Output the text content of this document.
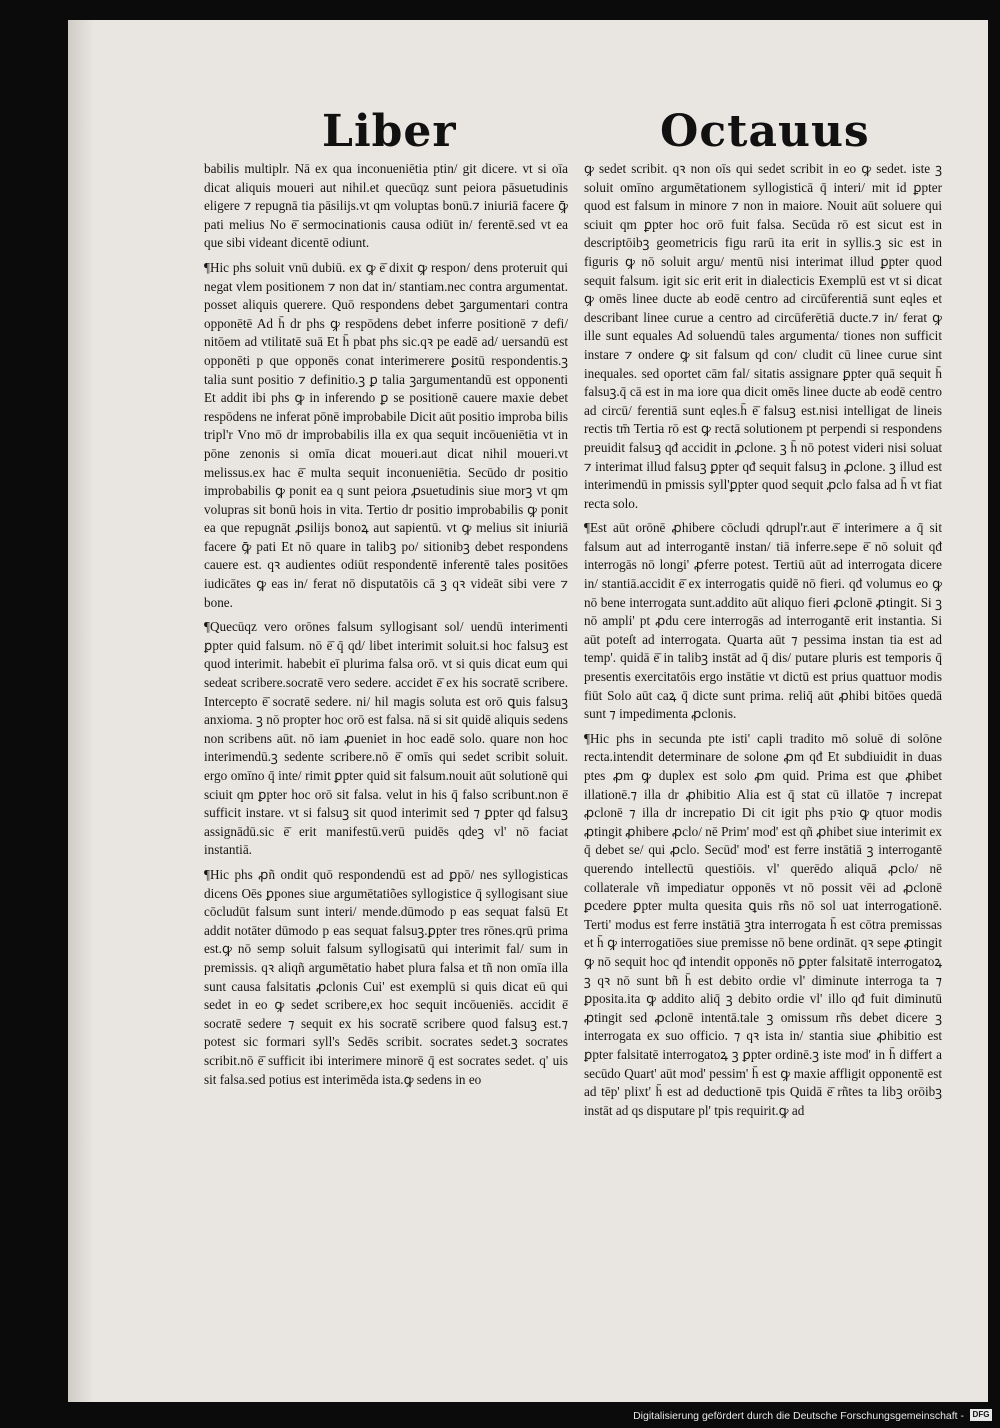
Liber	Octauus

babilis multiplr. Nā ex qua inconueniētia ptin/ git dicere. vt si oīa dicat aliquis moueri aut nihil.et quecūqz sunt peiora pāsuetudinis eligere ⁊ repugnā tia pāsilijs.vt qm voluptas bonū.⁊ iniuriā facere ꝙ̄ pati melius No ē̄ sermocinationis causa odiūt in/ ferentē.sed vt ea que sibi videant dicentē odiunt.

¶Hic phs soluit vnū dubiū. ex ꝙ ē̄ dixit ꝙ respon/ dens proteruit qui negat vlem positionem ⁊ non dat in/ stantiam.nec contra argumentat. posset aliquis querere. Quō respondens debet ꝫargumentari contra opponētē Ad h̄ dr phs ꝙ respōdens debet inferre positionē ⁊ defi/ nitōem ad vtilitatē suā Et h̄ pbat phs sic.qꝛ pe eadē ad/ uersandū est opponēti p que opponēs conat interimerere ꝑositū respondentis.ꝫ talia sunt positio ⁊ definitio.ꝫ ꝑ talia ꝫargumentandū est opponenti Et addit ibi phs ꝙ in inferendo ꝑ se positionē cauere maxie debet respōdens ne inferat pōnē improbabile Dicit aūt positio improba bilis tripl'r Vno mō dr improbabilis illa ex qua sequit incōueniētia vt in pōne zenonis si omīa dicat moueri.aut dicat nihil moueri.vt melissus.ex hac ē̄ multa sequit inconueniētia. Secūdo dr positio improbabilis ꝙ ponit ea q sunt peiora ꝓsuetudinis siue morꝫ vt qm volupras sit bonū hois in vita. Tertio dr positio improbabilis ꝙ ponit ea que repugnāt ꝓsilijs bonoꝝ aut sapientū. vt ꝙ melius sit iniuriā facere ꝙ̄ pati Et nō quare in talibꝫ po/ sitionibꝫ debet respondens cauere est. qꝛ audientes odiūt respondentē inferentē tales positōes iudicātes ꝙ eas in/ ferat nō disputatōis cā ꝫ qꝛ videāt sibi vere ⁊ bone.

¶Quecūqz vero orōnes falsum syllogisant sol/ uendū interimenti ꝑpter quid falsum. nō ē̄ q̄ qd/ libet interimit soluit.si hoc falsuꝫ est quod interimit. habebit eī plurima falsa orō. vt si quis dicat eum qui sedeat scribere.socratē vero sedere. accidet ē̄ ex his socratē scribere. Intercepto ē̄ socratē sedere. ni/ hil magis soluta est orō ꝗuis falsuꝫ anxioma. ꝫ nō propter hoc orō est falsa. nā si sit quidē aliquis sedens non scribens aūt. nō iam ꝓueniet in hoc eadē solo. quare non hoc interimendū.ꝫ sedente scribere.nō ē̄ omīs qui sedet scribit soluit. ergo omīno q̄ inte/ rimit ꝑpter quid sit falsum.nouit aūt solutionē qui sciuit qm ꝑpter hoc orō sit falsa. velut in his q̄ falso scribunt.non ē̄ sufficit instare. vt si falsuꝫ sit quod interimit sed ⁊ ꝑpter qd falsuꝫ assignādū.sic ē̄ erit manifestū.verū puidēs qdeꝫ vl' nō faciat instantiā.

¶Hic phs ꝓñ ondit quō respondendū est ad ꝑpō/ nes syllogisticas dicens Oēs ꝑpones siue argumētatiões syllogistice q̄ syllogisant siue cōcludūt falsum sunt interi/ mende.dūmodo p eas sequat falsū Et addit notāter dūmodo p eas sequat falsuꝫ.ꝑpter tres rōnes.qrū prima est.ꝙ nō semp soluit falsum syllogisatū qui interimit fal/ sum in premissis. qꝛ aliqñ argumētatio habet plura falsa et tñ non omīa illa sunt causa falsitatis ꝓclonis Cui' est exemplū si quis dicat eū qui sedet in eo ꝙ sedet scribere,ex hoc sequit incōueniēs. accidit ē̄ socratē sedere ⁊ sequit ex his socratē scribere quod falsuꝫ est.⁊ potest sic formari syll's Sedēs scribit. socrates sedet.ꝫ socrates scribit.nō ē̄ sufficit ibi interimere minorē q̄ est socrates sedet. q' uis sit falsa.sed potius est interimēda ista.ꝙ sedens in eo

ꝙ sedet scribit. qꝛ non oīs qui sedet scribit in eo ꝙ sedet. iste ꝫ soluit omīno argumētationem syllogisticā q̄ interi/ mit id ꝑpter quod est falsum in minore ⁊ non in maiore. Nouit aūt soluere qui sciuit qm ꝑpter hoc orō fuit falsa. Secūda rō est sicut est in descriptōibꝫ geometricis figu rarū ita erit in syllis.ꝫ sic est in figuris ꝙ nō soluit argu/ mentū nisi interimat illud ꝑpter quod sequit falsum. igit sic erit erit in dialecticis Exemplū est vt si dicat ꝙ omēs linee ducte ab eodē centro ad circūferentiā sunt eqles et describant linee curue a centro ad circūferētiā ducte.⁊ in/ ferat ꝙ ille sunt equales Ad soluendū tales argumenta/ tiones non sufficit instare ⁊ ondere ꝙ sit falsum qd con/ cludit cū linee curue sint inequales. sed oportet cām fal/ sitatis assignare ꝑpter quā sequit h̄ falsuꝫ.q̄ cā est in ma iore qua dicit omēs linee ducte ab eodē centro ad circū/ ferentiā sunt eqles.h̄ ē̄ falsuꝫ est.nisi intelligat de lineis rectis tm̄ Tertia rō est ꝙ rectā solutionem pt perpendi si respondens preuidit falsuꝫ qđ accidit in ꝓclone. ꝫ h̄ nō potest videri nisi soluat ⁊ interimat illud falsuꝫ ꝑpter qđ sequit falsuꝫ in ꝓclone. ꝫ illud est interimendū in pmissis syll'ꝑpter quod sequit ꝓclo falsa ad h̄ vt fiat recta solo.

¶Est aūt orōnē ꝓhibere cōcludi qdrupl'r.aut ē̄ interimere a q̄ sit falsum aut ad interrogantē instan/ tiā inferre.sepe ē̄ nō soluit qđ interrogās nō longi' ꝓferre potest. Tertiū aūt ad interrogata dicere in/ stantiā.accidit ē̄ ex interrogatis quidē nō fieri. qđ volumus eo ꝙ nō bene interrogata sunt.addito aūt aliquo fieri ꝓclonē ꝓtingit. Si ꝫ nō ampli' pt ꝓdu cere interrogās ad interrogantē erit instantia. Si aūt poteſt ad interrogata. Quarta aūt ⁊ pessima instan tia est ad temp'. quidā ē̄ in talibꝫ instāt ad q̄ dis/ putare pluris est temporis q̄ presentis exercitatōis ergo instātie vt dictū est prius quattuor modis fiūt Solo aūt caꝝ q̄ dicte sunt prima. reliq̄ aūt ꝓhibi bitōes quedā sunt ⁊ impedimenta ꝓclonis.

¶Hic phs in secunda pte isti' capli tradito mō soluē di solōne recta.intendit determinare de solone ꝓm qđ Et subdiuidit in duas ptes ꝓm ꝙ duplex est solo ꝓm quid. Prima est que ꝓhibet illationē.⁊ illa dr ꝓhibitio Alia est q̄ stat cū illatōe ⁊ increpat ꝓclonē ⁊ illa dr increpatio Di cit igit phs pꝛio ꝙ qtuor modis ꝓtingit ꝓhibere ꝓclo/ nē Prim' mod' est qñ ꝓhibet siue interimit ex q̄ debet se/ qui ꝓclo. Secūd' mod' est ferre instātiā ꝫ interrogantē querendo intellectū questiōis. vl' querēdo aliquā ꝓclo/ nē collaterale vñ impediatur opponēs vt nō possit vēi ad ꝓclonē ꝑcedere ꝑpter multa quesita ꝗuis rñs nō sol uat interrogationē. Terti' modus est ferre instātiā ꝫtra interrogata h̄ est cōtra premissas et h̄ ꝙ interrogatiōes siue premisse nō bene ordināt. qꝛ sepe ꝓtingit ꝙ nō sequit hoc qđ intendit opponēs nō ꝑpter falsitatē interrogatoꝝ ꝫ qꝛ nō sunt bñ h̄ est debito ordie vl' diminute interroga ta ⁊ ꝑposita.ita ꝙ addito aliq̄ ꝫ debito ordie vl' illo qđ fuit diminutū ꝓtingit sed ꝓclonē intentā.tale ꝫ omissum rñs debet dicere ꝫ interrogata ex suo officio. ⁊ qꝛ ista in/ stantia siue ꝓhibitio est ꝑpter falsitatē interrogatoꝝ ꝫ ꝑpter ordinē.ꝫ iste mod' in h̄ differt a secūdo Quart' aūt mod' pessim' h̄ est ꝙ maxie affligit opponentē est ad tēp' plixt' h̄ est ad deductionē tpis Quidā ē̄ rñtes ta libꝫ orōibꝫ instāt ad qs disputare pl' tpis requirit.ꝙ ad

Digitalisierung gefördert durch die Deutsche Forschungsgemeinschaft -	DFG
